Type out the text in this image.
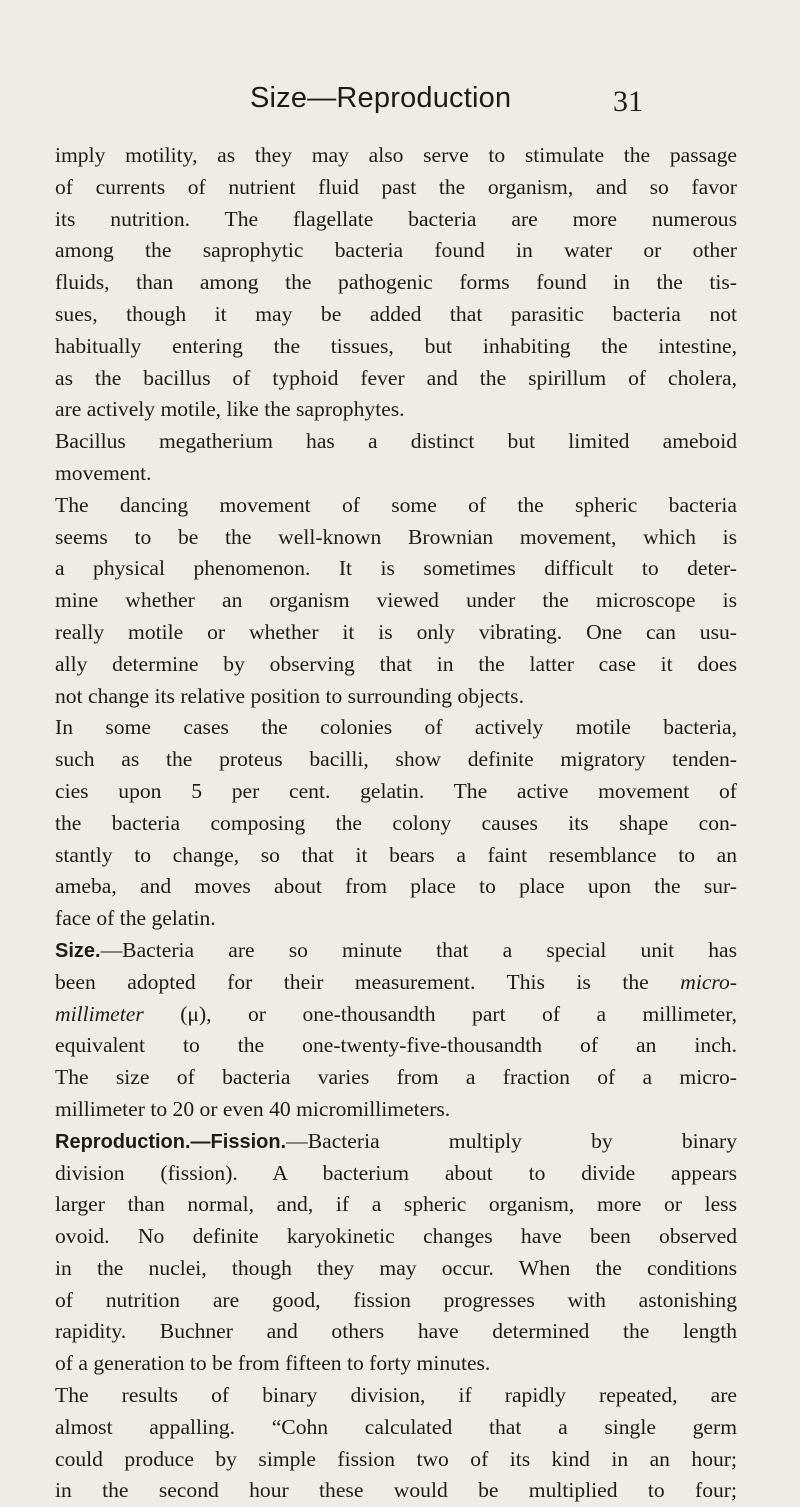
Size—Reproduction	31
imply motility, as they may also serve to stimulate the passage
of currents of nutrient fluid past the organism, and so favor
its nutrition. The flagellate bacteria are more numerous
among the saprophytic bacteria found in water or other
fluids, than among the pathogenic forms found in the tis-
sues, though it may be added that parasitic bacteria not
habitually entering the tissues, but inhabiting the intestine,
as the bacillus of typhoid fever and the spirillum of cholera,
are actively motile, like the saprophytes.
Bacillus megatherium has a distinct but limited ameboid
movement.
The dancing movement of some of the spheric bacteria
seems to be the well-known Brownian movement, which is
a physical phenomenon. It is sometimes difficult to deter-
mine whether an organism viewed under the microscope is
really motile or whether it is only vibrating. One can usu-
ally determine by observing that in the latter case it does
not change its relative position to surrounding objects.
In some cases the colonies of actively motile bacteria,
such as the proteus bacilli, show definite migratory tenden-
cies upon 5 per cent. gelatin. The active movement of
the bacteria composing the colony causes its shape con-
stantly to change, so that it bears a faint resemblance to an
ameba, and moves about from place to place upon the sur-
face of the gelatin.
Size.—Bacteria are so minute that a special unit has
been adopted for their measurement. This is the micro-
millimeter (μ), or one-thousandth part of a millimeter,
equivalent to the one-twenty-five-thousandth of an inch.
The size of bacteria varies from a fraction of a micro-
millimeter to 20 or even 40 micromillimeters.
Reproduction.—Fission.—Bacteria multiply by binary
division (fission). A bacterium about to divide appears
larger than normal, and, if a spheric organism, more or less
ovoid. No definite karyokinetic changes have been observed
in the nuclei, though they may occur. When the conditions
of nutrition are good, fission progresses with astonishing
rapidity. Buchner and others have determined the length
of a generation to be from fifteen to forty minutes.
The results of binary division, if rapidly repeated, are
almost appalling. “Cohn calculated that a single germ
could produce by simple fission two of its kind in an hour;
in the second hour these would be multiplied to four;
